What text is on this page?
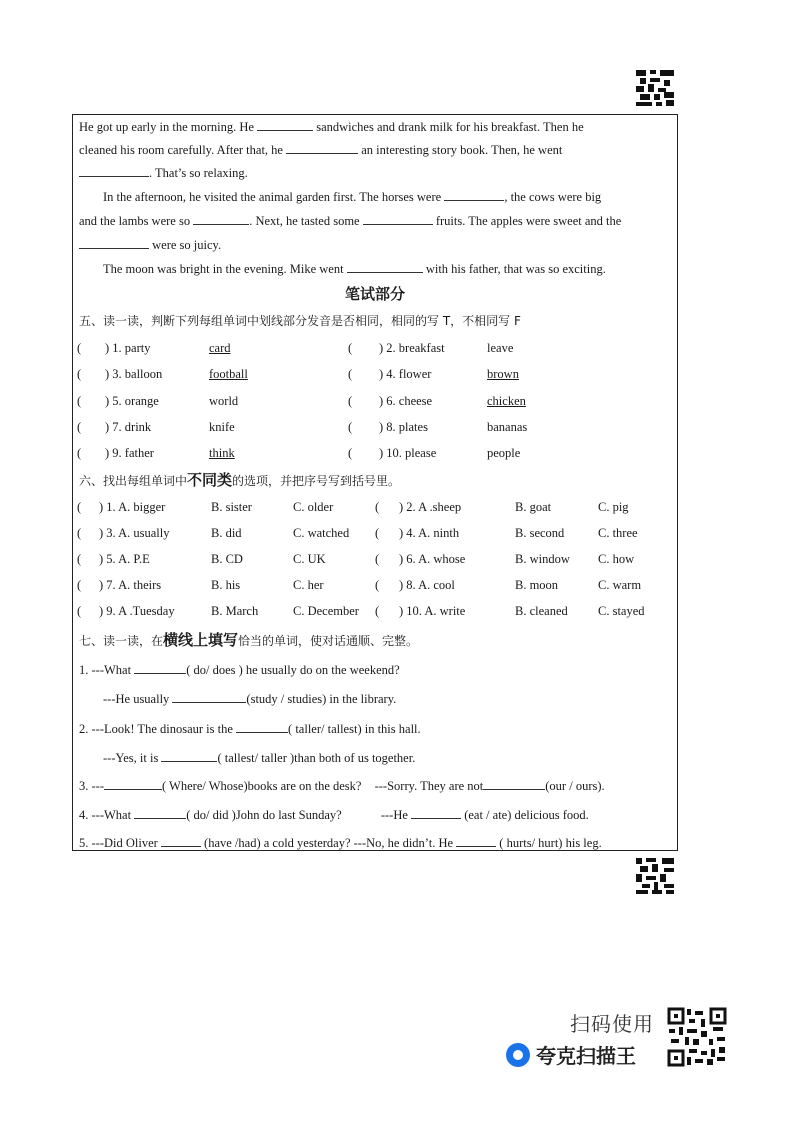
He got up early in the morning. He	sandwiches and drank milk for his breakfast. Then he
cleaned his room carefully. After that, he	an interesting story book. Then, he went
. That’s so relaxing.
In the afternoon, he visited the animal garden first. The horses were	, the cows were big
and the lambs were so	. Next, he tasted some	fruits. The apples were sweet and the
were so juicy.
The moon was bright in the evening. Mike went	with his father, that was so exciting.
笔试部分
五、读一读，判断下列每组单词中划线部分发音是否相同，相同的写 T，不相同写 F
( ) 1. party	card	( ) 2. breakfast	leave
( ) 3. balloon	football	( ) 4. flower	brown
( ) 5. orange	world	( ) 6. cheese	chicken
( ) 7. drink	knife	( ) 8. plates	bananas
( ) 9. father	think	( ) 10. please	people
六、找出每组单词中不同类的选项，并把序号写到括号里。
( ) 1. A. bigger	B. sister	C. older	( ) 2. A .sheep	B. goat	C. pig
( ) 3. A. usually	B. did	C. watched ( ) 4. A. ninth	B. second	C. three
( ) 5. A. P.E	B. CD	C. UK	( ) 6. A. whose	B. window C. how
( ) 7. A. theirs	B. his	C. her	( ) 8. A. cool	B. moon	C. warm
( ) 9. A .Tuesday	B. March	C. December ( ) 10. A. write	B. cleaned C. stayed
七、读一读，在横线上填写恰当的单词，使对话通顺、完整。
1. ---What	( do/ does ) he usually do on the weekend?
---He usually	(study / studies) in the library.
2. ---Look! The dinosaur is the	( taller/ tallest) in this hall.
---Yes, it is	( tallest/ taller )than both of us together.
3. ---	( Where/ Whose)books are on the desk? ---Sorry. They are not	(our / ours).
4. ---What	( do/ did )John do last Sunday?	---He	(eat / ate) delicious food.
5. ---Did Oliver	(have /had) a cold yesterday? ---No, he didn’t. He	( hurts/ hurt) his leg.
扫码使用
夸克扫描王
